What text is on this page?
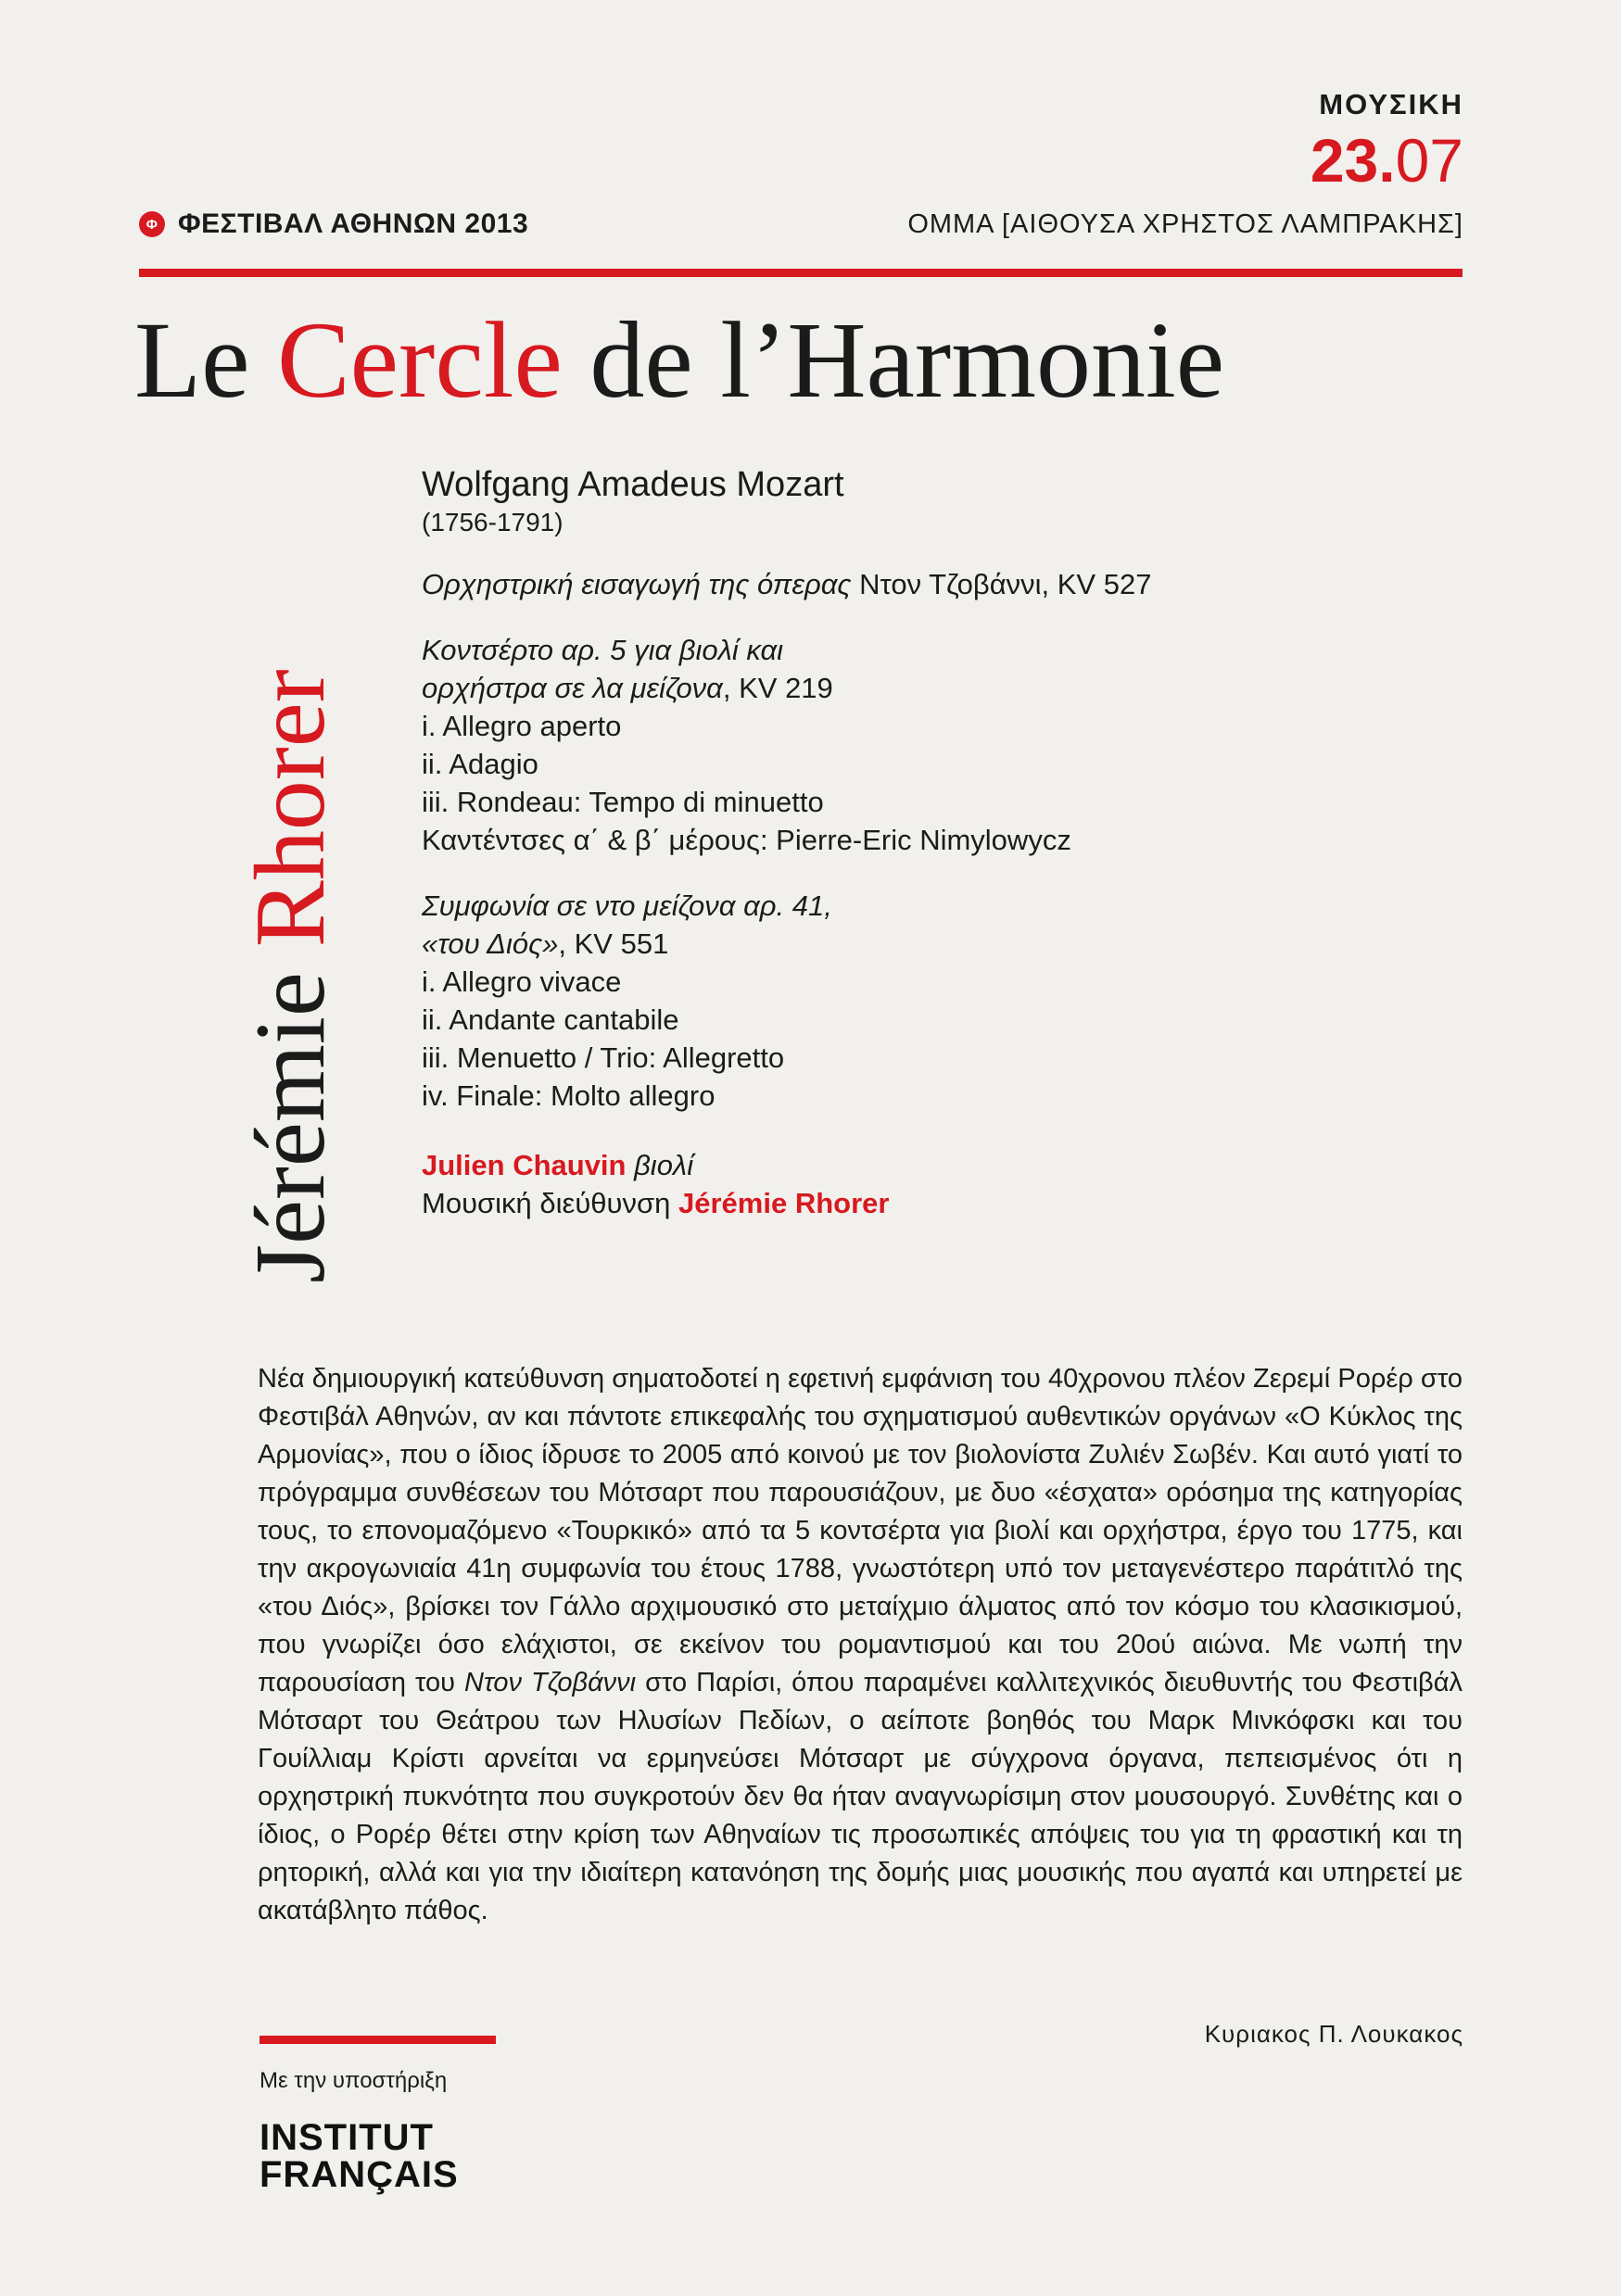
ΜΟΥΣΙΚΗ
23.07
Φ ΦΕΣΤΙΒΑΛ ΑΘΗΝΩΝ 2013	ΟΜΜΑ [ΑΙΘΟΥΣΑ ΧΡΗΣΤΟΣ ΛΑΜΠΡΑΚΗΣ]
Le Cercle de l’Harmonie
Jérémie Rhorer
Wolfgang Amadeus Mozart
(1756-1791)
Ορχηστρική εισαγωγή της όπερας Ντον Τζοβάννι, KV 527
Κοντσέρτο αρ. 5 για βιολί και
ορχήστρα σε λα μείζονα, KV 219
i. Allegro aperto
ii. Adagio
iii. Rondeau: Tempo di minuetto
Καντέντσες α΄ & β΄ μέρους: Pierre-Eric Nimylowycz
Συμφωνία σε ντο μείζονα αρ. 41,
«του Διός», KV 551
i. Allegro vivace
ii. Andante cantabile
iii. Menuetto / Trio: Allegretto
iv. Finale: Molto allegro
Julien Chauvin βιολί
Μουσική διεύθυνση Jérémie Rhorer
Νέα δημιουργική κατεύθυνση σηματοδοτεί η εφετινή εμφάνιση του 40χρονου πλέον Ζερεμί Ρορέρ στο Φεστιβάλ Αθηνών, αν και πάντοτε επικεφαλής του σχηματισμού αυθεντικών οργάνων «Ο Κύκλος της Αρμονίας», που ο ίδιος ίδρυσε το 2005 από κοινού με τον βιολονίστα Ζυλιέν Σωβέν. Και αυτό γιατί το πρόγραμμα συνθέσεων του Μότσαρτ που παρουσιάζουν, με δυο «έσχατα» ορόσημα της κατηγορίας τους, το επονομαζόμενο «Τουρκικό» από τα 5 κοντσέρτα για βιολί και ορχήστρα, έργο του 1775, και την ακρογωνιαία 41η συμφωνία του έτους 1788, γνωστότερη υπό τον μεταγενέστερο παράτιτλό της «του Διός», βρίσκει τον Γάλλο αρχιμουσικό στο μεταίχμιο άλματος από τον κόσμο του κλασικισμού, που γνωρίζει όσο ελάχιστοι, σε εκείνον του ρομαντισμού και του 20ού αιώνα. Με νωπή την παρουσίαση του Ντον Τζοβάννι στο Παρίσι, όπου παραμένει καλλιτεχνικός διευθυντής του Φεστιβάλ Μότσαρτ του Θεάτρου των Ηλυσίων Πεδίων, ο αείποτε βοηθός του Μαρκ Μινκόφσκι και του Γουίλλιαμ Κρίστι αρνείται να ερμηνεύσει Μότσαρτ με σύγχρονα όργανα, πεπεισμένος ότι η ορχηστρική πυκνότητα που συγκροτούν δεν θα ήταν αναγνωρίσιμη στον μουσουργό. Συνθέτης και ο ίδιος, ο Ρορέρ θέτει στην κρίση των Αθηναίων τις προσωπικές απόψεις του για τη φραστική και τη ρητορική, αλλά και για την ιδιαίτερη κατανόηση της δομής μιας μουσικής που αγαπά και υπηρετεί με ακατάβλητο πάθος.
Κυριακος Π. Λουκακος
Με την υποστήριξη
INSTITUT
FRANÇAIS
